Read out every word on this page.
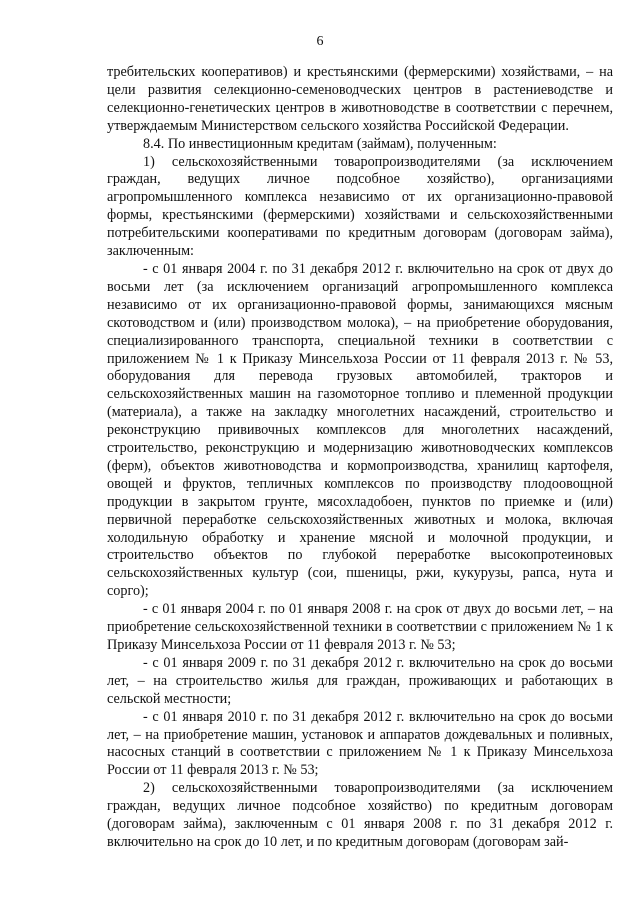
6

требительских кооперативов) и крестьянскими (фермерскими) хозяйствами, – на цели развития селекционно-семеноводческих центров в растениеводстве и селекционно-генетических центров в животноводстве в соответствии с перечнем, утверждаемым Министерством сельского хозяйства Российской Федерации.

8.4. По инвестиционным кредитам (займам), полученным:

1) сельскохозяйственными товаропроизводителями (за исключением граждан, ведущих личное подсобное хозяйство), организациями агропромышленного комплекса независимо от их организационно-правовой формы, крестьянскими (фермерскими) хозяйствами и сельскохозяйственными потребительскими кооперативами по кредитным договорам (договорам займа), заключенным:

- с 01 января 2004 г. по 31 декабря 2012 г. включительно на срок от двух до восьми лет (за исключением организаций агропромышленного комплекса независимо от их организационно-правовой формы, занимающихся мясным скотоводством и (или) производством молока), – на приобретение оборудования, специализированного транспорта, специальной техники в соответствии с приложением № 1 к Приказу Минсельхоза России от 11 февраля 2013 г. № 53, оборудования для перевода грузовых автомобилей, тракторов и сельскохозяйственных машин на газомоторное топливо и племенной продукции (материала), а также на закладку многолетних насаждений, строительство и реконструкцию прививочных комплексов для многолетних насаждений, строительство, реконструкцию и модернизацию животноводческих комплексов (ферм), объектов животноводства и кормопроизводства, хранилищ картофеля, овощей и фруктов, тепличных комплексов по производству плодоовощной продукции в закрытом грунте, мясохладобоен, пунктов по приемке и (или) первичной переработке сельскохозяйственных животных и молока, включая холодильную обработку и хранение мясной и молочной продукции, и строительство объектов по глубокой переработке высокопротеиновых сельскохозяйственных культур (сои, пшеницы, ржи, кукурузы, рапса, нута и сорго);

- с 01 января 2004 г. по 01 января 2008 г. на срок от двух до восьми лет, – на приобретение сельскохозяйственной техники в соответствии с приложением № 1 к Приказу Минсельхоза России от 11 февраля 2013 г. № 53;

- с 01 января 2009 г. по 31 декабря 2012 г. включительно на срок до восьми лет, – на строительство жилья для граждан, проживающих и работающих в сельской местности;

- с 01 января 2010 г. по 31 декабря 2012 г. включительно на срок до восьми лет, – на приобретение машин, установок и аппаратов дождевальных и поливных, насосных станций в соответствии с приложением № 1 к Приказу Минсельхоза России от 11 февраля 2013 г. № 53;

2) сельскохозяйственными товаропроизводителями (за исключением граждан, ведущих личное подсобное хозяйство) по кредитным договорам (договорам займа), заключенным с 01 января 2008 г. по 31 декабря 2012 г. включительно на срок до 10 лет, и по кредитным договорам (договорам зай-
